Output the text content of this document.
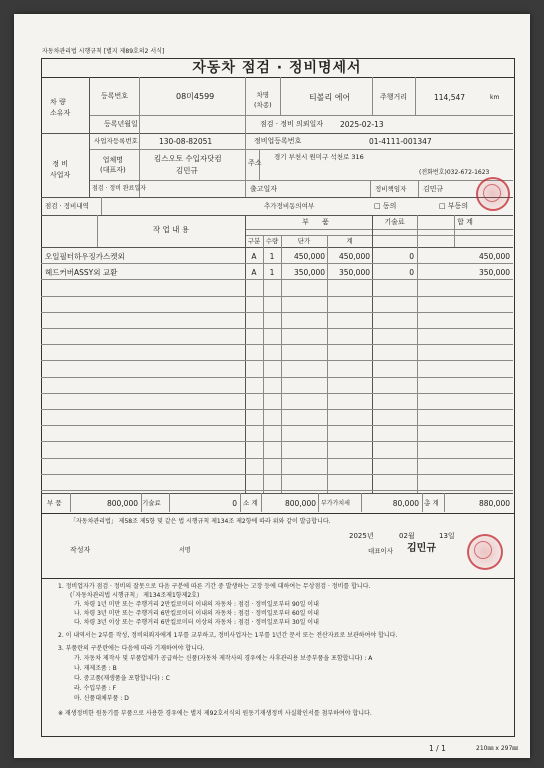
자동차관리법 시행규칙 [별지 제89호의2 서식]
자동차 점검 · 정비명세서
차 량
소유자
등록번호	08미4599	차명
(차종)
티볼리 에어	주행거리	114,547	km
등록년월일	점검 · 정비 의뢰일자 2025-02-13
정 비
사업자
사업자등록번호	130-08-82051	정비업등록번호	01-4111-001347
업체명
(대표자)
킴스오토 수입자닷컴
김민규
주소
경기 부천시 원미구 석천로 316
(전화번호)032-672-1623
점검 · 정비 완료일자	출고일자	정비책임자 김민규
점검 · 정비내역	추가정비동의여부	□ 동의	□ 부동의
작 업 내 용
부      품	기술료	합 계
구분 수량	단가	계
오일필터하우징가스켓외	A	1	450,000	450,000	0	450,000
헤드커버ASSY외 교환	A	1	350,000	350,000	0	350,000
부 품	800,000 기술료	0 소 계	800,000 부가가치세	80,000 총 계	880,000
「자동차관리법」 제58조 제5항 및 같은 법 시행규칙 제134조 제2항에 따라 위와 같이 발급합니다.
2025년	02월	13일
작성자	서명	대표이사 김민규
1. 정비업자가 점검 · 정비의 잘못으로 다음 구분에 따른 기간 중 발생하는 고장 등에 대하여는 무상점검 · 정비를 합니다.
(「자동차관리법 시행규칙」 제134조제1항제2호)
가. 차령 1년 미만 또는 주행거리 2만킬로미터 이내의 자동차 : 점검 · 정비일로부터 90일 이내
나. 차령 3년 미만 또는 주행거리 6만킬로미터 이내의 자동차 : 점검 · 정비일로부터 60일 이내
다. 차령 3년 이상 또는 주행거리 6만킬로미터 이상의 자동차 : 점검 · 정비일로부터 30일 이내
2. 이 내역서는 2부를 작성, 정비의뢰자에게 1부를 교부하고, 정비사업자는 1부를 1년간 문서 또는 전산자료로 보관하여야 합니다.
3. 부품란의 구분란에는 다음에 따라 기재하여야 합니다.
가. 자동차 제작사 및 부품업체가 공급하는 신품(자동차 제작사의 경우에는 사후관리용 보증부품을 포함합니다) : A
나. 재제조품 : B
다. 중고품(재생품을 포함합니다) : C
라. 수입부품 : F
마. 신품대체부품 : D
※ 재생정비한 원동기를 부품으로 사용한 경우에는 별지 제92호서식의 원동기재생정비 사실확인서를 첨부하여야 합니다.
1 / 1	210㎜ x 297㎜
